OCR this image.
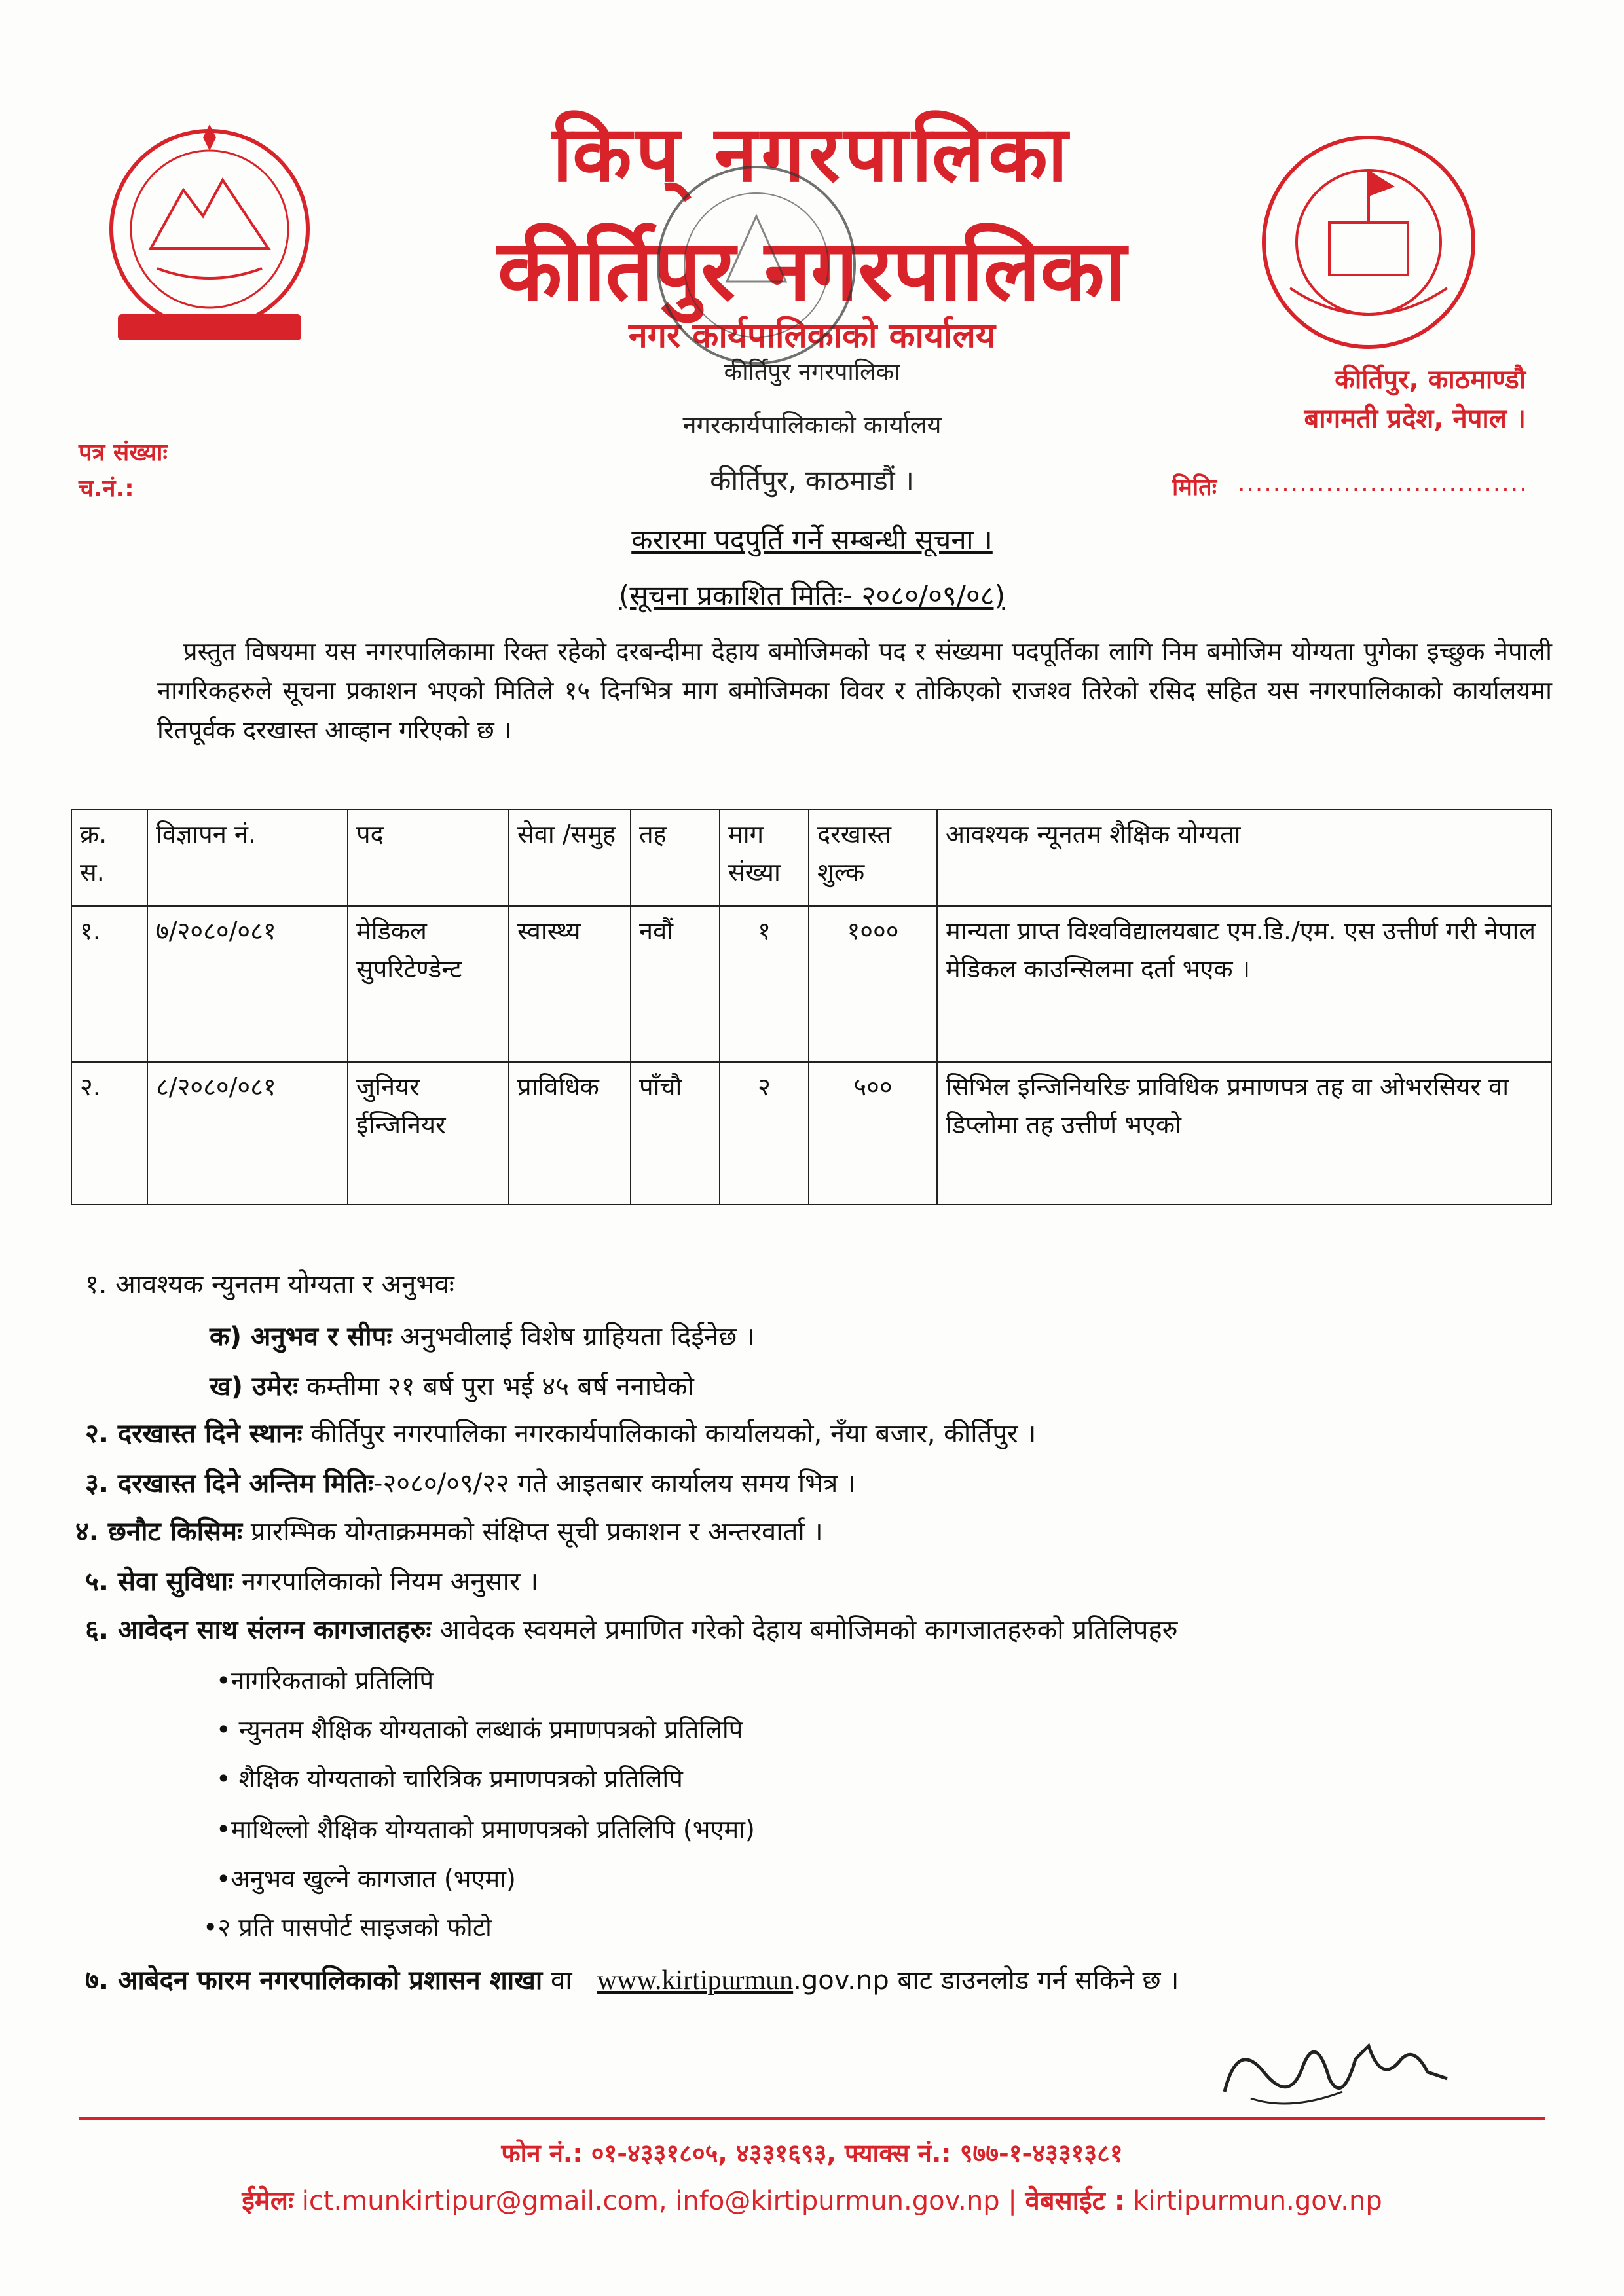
किप् नगरपालिका
कीर्तिपुर नगरपालिका
नगर कार्यपालिकाको कार्यालय
कीर्तिपुर नगरपालिका
नगरकार्यपालिकाको कार्यालय
कीर्तिपुर, काठमाडौं ।
कीर्तिपुर, काठमाण्डौ
बागमती प्रदेश, नेपाल ।
पत्र संख्याः
च.नं.:	मितिः .................................
करारमा पदपुर्ति गर्ने सम्बन्धी सूचना ।
(सूचना प्रकाशित मितिः- २०८०/०९/०८)

प्रस्तुत विषयमा यस नगरपालिकामा रिक्त रहेको दरबन्दीमा देहाय बमोजिमको पद र संख्यमा पदपूर्तिका लागि निम बमोजिम योग्यता पुगेका इच्छुक नेपाली नागरिकहरुले सूचना प्रकाशन भएको मितिले १५ दिनभित्र माग बमोजिमका विवर र तोकिएको राजश्व तिरेको रसिद सहित यस नगरपालिकाको कार्यालयमा रितपूर्वक दरखास्त आव्हान गरिएको छ ।

क्र. स.	विज्ञापन नं.	पद	सेवा /समुह	तह	माग संख्या	दरखास्त शुल्क	आवश्यक न्यूनतम शैक्षिक योग्यता
१.	७/२०८०/०८१	मेडिकल सुपरिटेण्डेन्ट	स्वास्थ्य	नवौं	१	१०००	मान्यता प्राप्त विश्वविद्यालयबाट एम.डि./एम. एस उत्तीर्ण गरी नेपाल मेडिकल काउन्सिलमा दर्ता भएक ।
२.	८/२०८०/०८१	जुनियर ईन्जिनियर	प्राविधिक	पाँचौ	२	५००	सिभिल इन्जिनियरिङ प्राविधिक प्रमाणपत्र तह वा ओभरसियर वा डिप्लोमा तह उत्तीर्ण भएको
१. आवश्यक न्युनतम योग्यता र अनुभवः
क) अनुभव र सीपः अनुभवीलाई विशेष ग्राहियता दिईनेछ ।
ख) उमेरः कम्तीमा २१ बर्ष पुरा भई ४५ बर्ष ननाघेको
२. दरखास्त दिने स्थानः कीर्तिपुर नगरपालिका नगरकार्यपालिकाको कार्यालयको, नँया बजार, कीर्तिपुर ।
३. दरखास्त दिने अन्तिम मितिः-२०८०/०९/२२ गते आइतबार कार्यालय समय भित्र ।
४. छनौट किसिमः प्रारम्भिक योग्ताक्रममको संक्षिप्त सूची प्रकाशन र अन्तरवार्ता ।
५. सेवा सुविधाः नगरपालिकाको नियम अनुसार ।
६. आवेदन साथ संलग्न कागजातहरुः आवेदक स्वयमले प्रमाणित गरेको देहाय बमोजिमको कागजातहरुको प्रतिलिपहरु
•नागरिकताको प्रतिलिपि
• न्युनतम शैक्षिक योग्यताको लब्धाकं प्रमाणपत्रको प्रतिलिपि
• शैक्षिक योग्यताको चारित्रिक प्रमाणपत्रको प्रतिलिपि
•माथिल्लो शैक्षिक योग्यताको प्रमाणपत्रको प्रतिलिपि (भएमा)
•अनुभव खुल्ने कागजात (भएमा)
•२ प्रति पासपोर्ट साइजको फोटो
७. आबेदन फारम नगरपालिकाको प्रशासन शाखा वा   www.kirtipurmun.gov.np बाट डाउनलोड गर्न सकिने छ ।
फोन नं.: ०१-४३३१८०५, ४३३१६९३, फ्याक्स नं.: ९७७-१-४३३१३८१
ईमेलः ict.munkirtipur@gmail.com, info@kirtipurmun.gov.np | वेबसाईट : kirtipurmun.gov.np
